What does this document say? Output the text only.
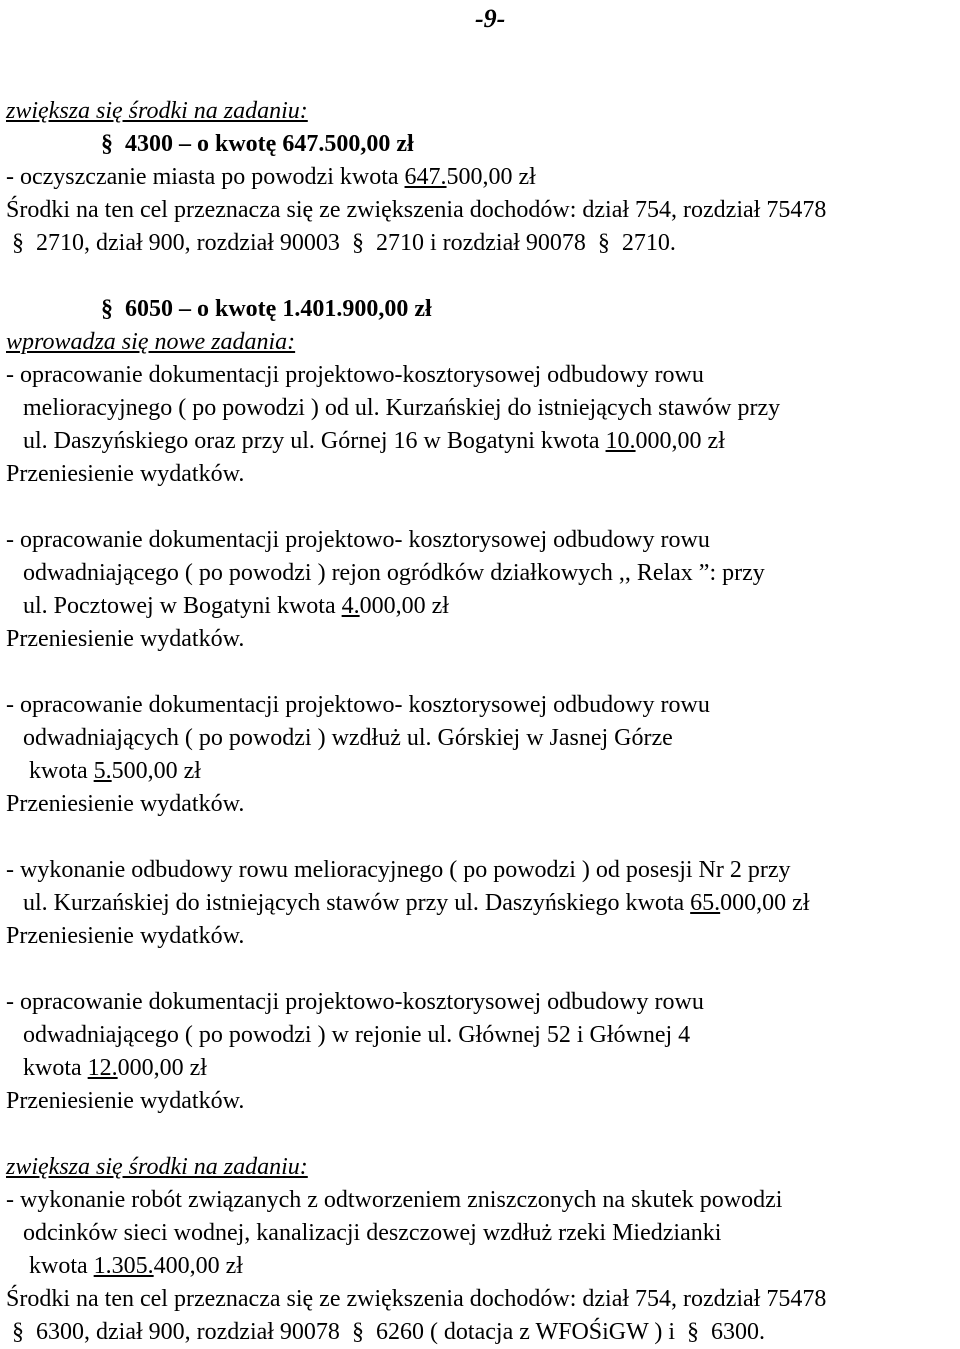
-9-
zwiększa się środki na zadaniu:
§ 4300 – o kwotę 647.500,00 zł
- oczyszczanie miasta po powodzi kwota 647.500,00 zł
Środki na ten cel przeznacza się ze zwiększenia dochodów: dział 754, rozdział 75478
§ 2710, dział 900, rozdział 90003 § 2710 i rozdział 90078 § 2710.
§ 6050 – o kwotę 1.401.900,00 zł
wprowadza się nowe zadania:
- opracowanie dokumentacji projektowo-kosztorysowej odbudowy rowu
melioracyjnego ( po powodzi ) od ul. Kurzańskiej do istniejących stawów przy
ul. Daszyńskiego oraz przy ul. Górnej 16 w Bogatyni kwota 10.000,00 zł
Przeniesienie wydatków.
- opracowanie dokumentacji projektowo- kosztorysowej odbudowy rowu
odwadniającego ( po powodzi ) rejon ogródków działkowych ,, Relax ”: przy
ul. Pocztowej w Bogatyni kwota 4.000,00 zł
Przeniesienie wydatków.
- opracowanie dokumentacji projektowo- kosztorysowej odbudowy rowu
odwadniających ( po powodzi ) wzdłuż ul. Górskiej w Jasnej Górze
kwota 5.500,00 zł
Przeniesienie wydatków.
- wykonanie odbudowy rowu melioracyjnego ( po powodzi ) od posesji Nr 2 przy
ul. Kurzańskiej do istniejących stawów przy ul. Daszyńskiego kwota 65.000,00 zł
Przeniesienie wydatków.
- opracowanie dokumentacji projektowo-kosztorysowej odbudowy rowu
odwadniającego ( po powodzi ) w rejonie ul. Głównej 52 i Głównej 4
kwota 12.000,00 zł
Przeniesienie wydatków.
zwiększa się środki na zadaniu:
- wykonanie robót związanych z odtworzeniem zniszczonych na skutek powodzi
odcinków sieci wodnej, kanalizacji deszczowej wzdłuż rzeki Miedzianki
kwota 1.305.400,00 zł
Środki na ten cel przeznacza się ze zwiększenia dochodów: dział 754, rozdział 75478
§ 6300, dział 900, rozdział 90078 § 6260 ( dotacja z WFOŚiGW ) i § 6300.
